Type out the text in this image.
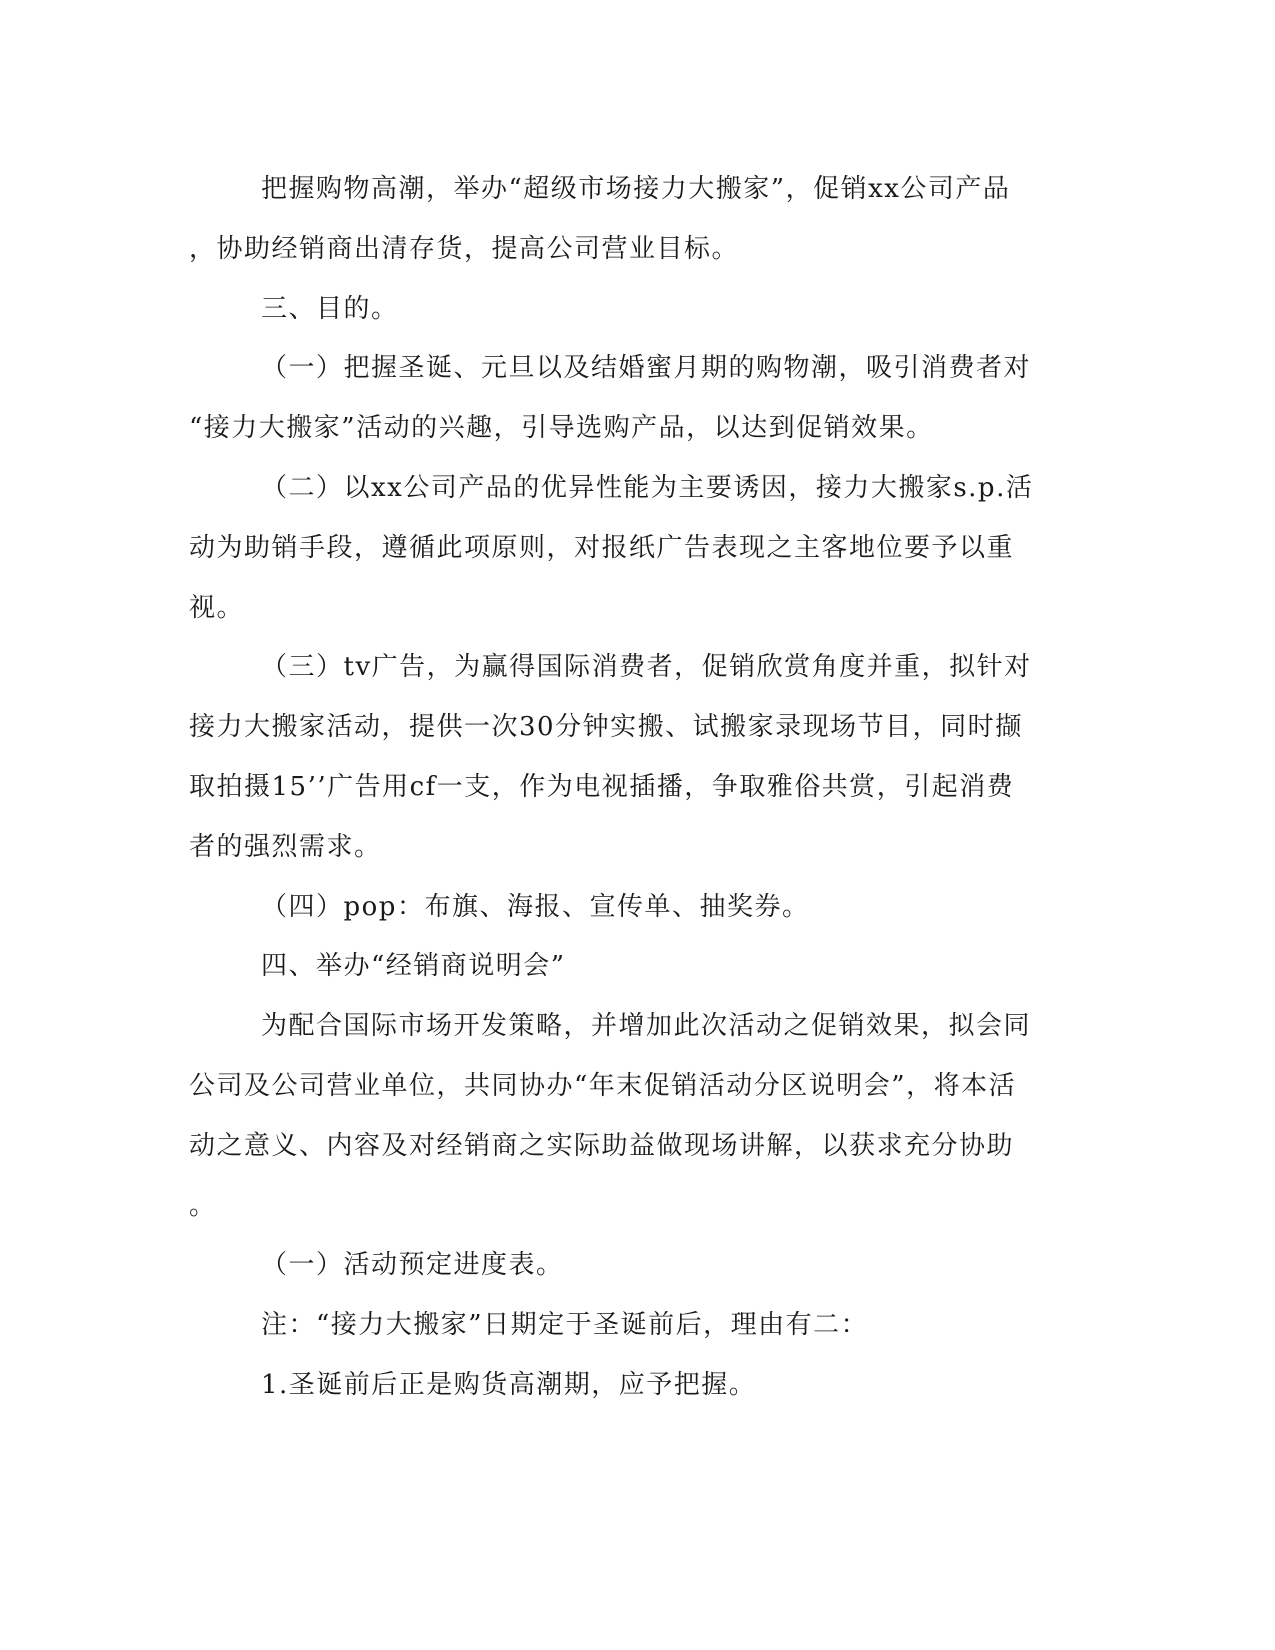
把握购物高潮，举办“超级市场接力大搬家”，促销xx公司产品
，协助经销商出清存货，提高公司营业目标。
三、目的。
（一）把握圣诞、元旦以及结婚蜜月期的购物潮，吸引消费者对
“接力大搬家”活动的兴趣，引导选购产品，以达到促销效果。
（二）以xx公司产品的优异性能为主要诱因，接力大搬家s.p.活
动为助销手段，遵循此项原则，对报纸广告表现之主客地位要予以重
视。
（三）tv广告，为赢得国际消费者，促销欣赏角度并重，拟针对
接力大搬家活动，提供一次30分钟实搬、试搬家录现场节目，同时撷
取拍摄15’’广告用cf一支，作为电视插播，争取雅俗共赏，引起消费
者的强烈需求。
（四）pop：布旗、海报、宣传单、抽奖券。
四、举办“经销商说明会”
为配合国际市场开发策略，并增加此次活动之促销效果，拟会同
公司及公司营业单位，共同协办“年末促销活动分区说明会”，将本活
动之意义、内容及对经销商之实际助益做现场讲解，以获求充分协助
。
（一）活动预定进度表。
注：“接力大搬家”日期定于圣诞前后，理由有二：
1.圣诞前后正是购货高潮期，应予把握。
